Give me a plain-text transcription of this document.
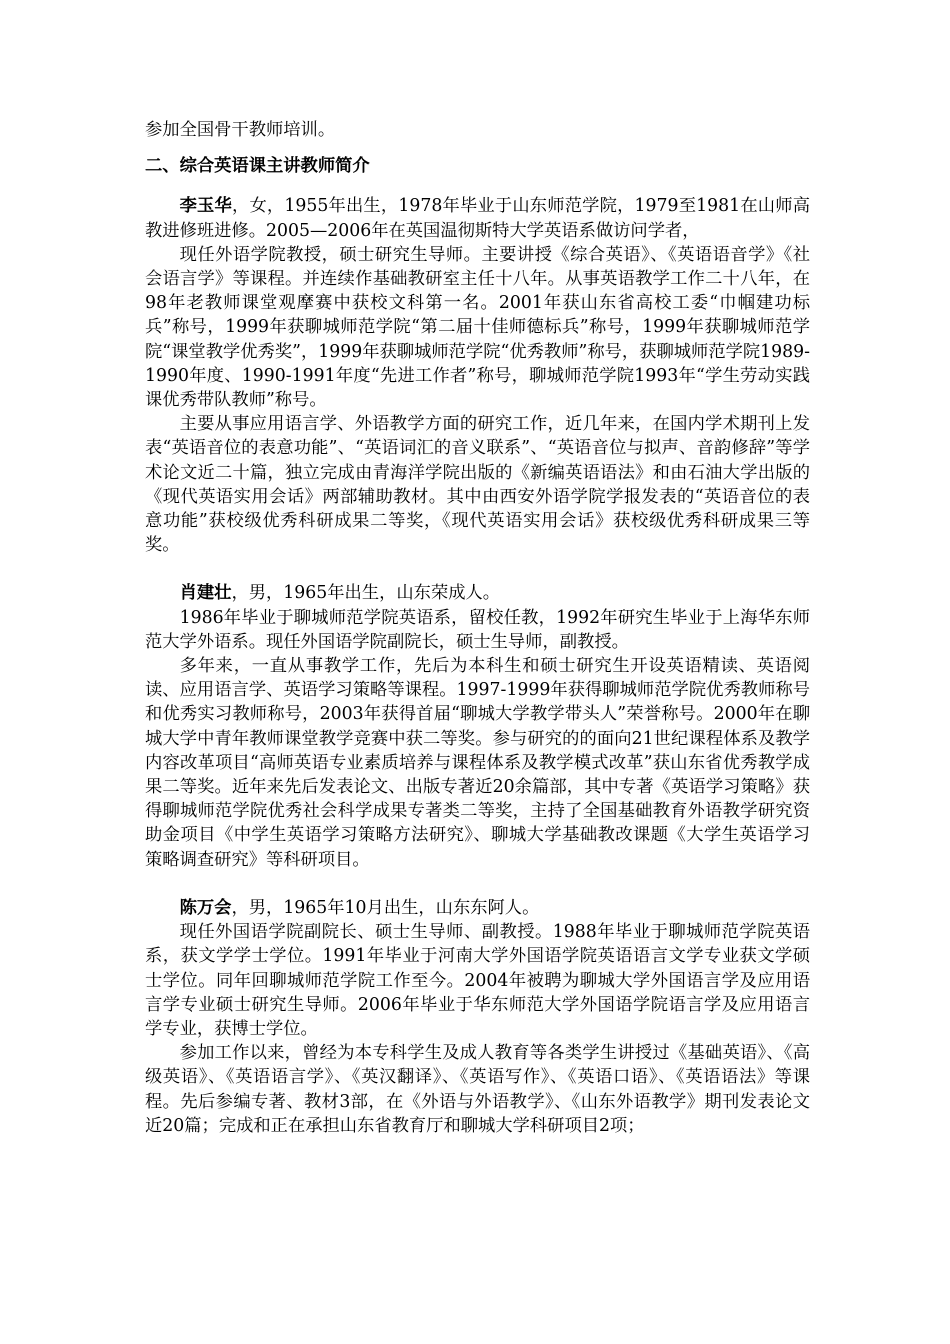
参加全国骨干教师培训。

二、综合英语课主讲教师简介

李玉华，女，1955年出生，1978年毕业于山东师范学院，1979至1981在山师高教进修班进修。2005—2006年在英国温彻斯特大学英语系做访问学者，

现任外语学院教授，硕士研究生导师。主要讲授《综合英语》、《英语语音学》《社会语言学》等课程。并连续作基础教研室主任十八年。从事英语教学工作二十八年，在98年老教师课堂观摩赛中获校文科第一名。2001年获山东省高校工委“巾帼建功标兵”称号，1999年获聊城师范学院“第二届十佳师德标兵”称号，1999年获聊城师范学院“课堂教学优秀奖”，1999年获聊城师范学院“优秀教师”称号，获聊城师范学院1989-1990年度、1990-1991年度“先进工作者”称号，聊城师范学院1993年“学生劳动实践课优秀带队教师”称号。

主要从事应用语言学、外语教学方面的研究工作，近几年来，在国内学术期刊上发表“英语音位的表意功能”、“英语词汇的音义联系”、“英语音位与拟声、音韵修辞”等学术论文近二十篇，独立完成由青海洋学院出版的《新编英语语法》和由石油大学出版的《现代英语实用会话》两部辅助教材。其中由西安外语学院学报发表的“英语音位的表意功能”获校级优秀科研成果二等奖，《现代英语实用会话》获校级优秀科研成果三等奖。

肖建壮，男，1965年出生，山东荣成人。

1986年毕业于聊城师范学院英语系，留校任教，1992年研究生毕业于上海华东师范大学外语系。现任外国语学院副院长，硕士生导师，副教授。

多年来，一直从事教学工作，先后为本科生和硕士研究生开设英语精读、英语阅读、应用语言学、英语学习策略等课程。1997-1999年获得聊城师范学院优秀教师称号和优秀实习教师称号，2003年获得首届“聊城大学教学带头人”荣誉称号。2000年在聊城大学中青年教师课堂教学竞赛中获二等奖。参与研究的的面向21世纪课程体系及教学内容改革项目“高师英语专业素质培养与课程体系及教学模式改革”获山东省优秀教学成果二等奖。近年来先后发表论文、出版专著近20余篇部，其中专著《英语学习策略》获得聊城师范学院优秀社会科学成果专著类二等奖，主持了全国基础教育外语教学研究资助金项目《中学生英语学习策略方法研究》、聊城大学基础教改课题《大学生英语学习策略调查研究》等科研项目。

陈万会，男，1965年10月出生，山东东阿人。

现任外国语学院副院长、硕士生导师、副教授。1988年毕业于聊城师范学院英语系，获文学学士学位。1991年毕业于河南大学外国语学院英语语言文学专业获文学硕士学位。同年回聊城师范学院工作至今。2004年被聘为聊城大学外国语言学及应用语言学专业硕士研究生导师。2006年毕业于华东师范大学外国语学院语言学及应用语言学专业，获博士学位。

参加工作以来，曾经为本专科学生及成人教育等各类学生讲授过《基础英语》、《高级英语》、《英语语言学》、《英汉翻译》、《英语写作》、《英语口语》、《英语语法》等课程。先后参编专著、教材3部，在《外语与外语教学》、《山东外语教学》期刊发表论文近20篇；完成和正在承担山东省教育厅和聊城大学科研项目2项；
